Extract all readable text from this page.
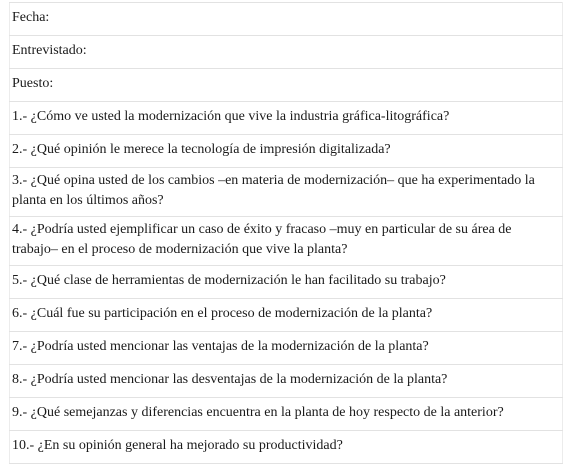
Fecha:
Entrevistado:
Puesto:
1.- ¿Cómo ve usted la modernización que vive la industria gráfica-litográfica?
2.- ¿Qué opinión le merece la tecnología de impresión digitalizada?
3.- ¿Qué opina usted de los cambios –en materia de modernización– que ha experimentado la planta en los últimos años?
4.- ¿Podría usted ejemplificar un caso de éxito y fracaso –muy en particular de su área de trabajo– en el proceso de modernización que vive la planta?
5.- ¿Qué clase de herramientas de modernización le han facilitado su trabajo?
6.- ¿Cuál fue su participación en el proceso de modernización de la planta?
7.- ¿Podría usted mencionar las ventajas de la modernización de la planta?
8.- ¿Podría usted mencionar las desventajas de la modernización de la planta?
9.- ¿Qué semejanzas y diferencias encuentra en la planta de hoy respecto de la anterior?
10.- ¿En su opinión general ha mejorado su productividad?
